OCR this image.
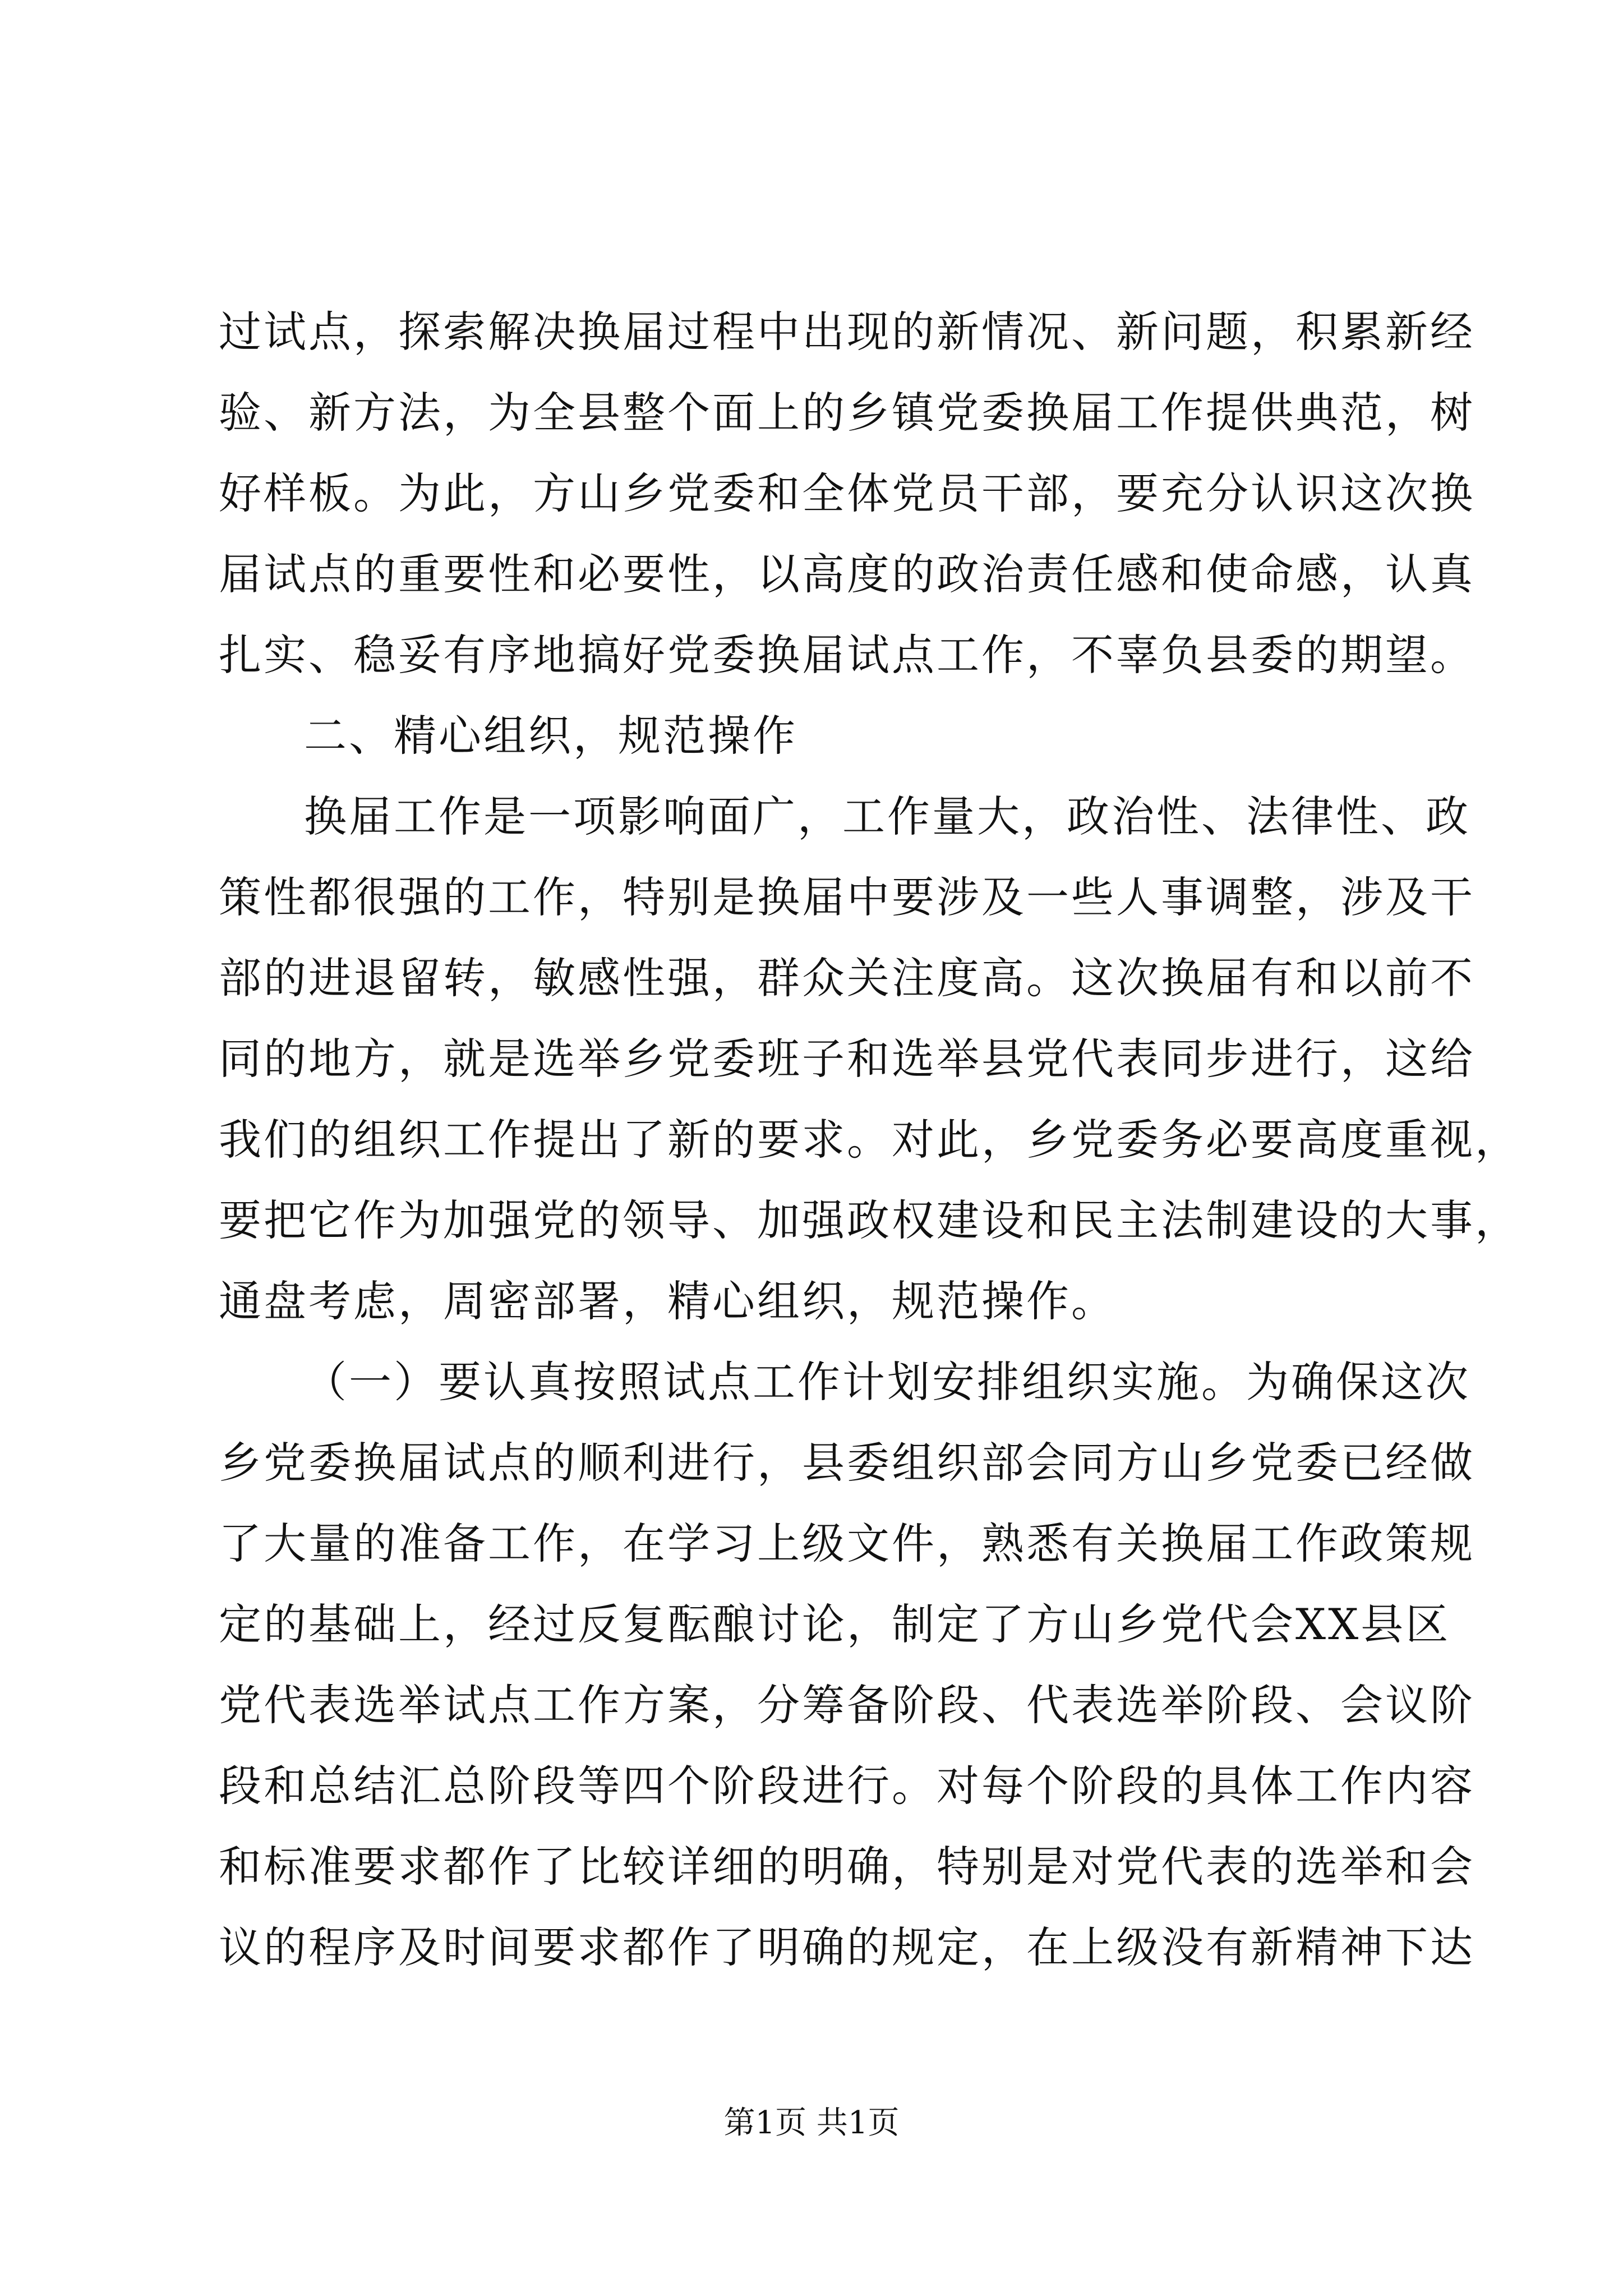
过试点，探索解决换届过程中出现的新情况、新问题，积累新经
验、新方法，为全县整个面上的乡镇党委换届工作提供典范，树
好样板。为此，方山乡党委和全体党员干部，要充分认识这次换
届试点的重要性和必要性，以高度的政治责任感和使命感，认真
扎实、稳妥有序地搞好党委换届试点工作，不辜负县委的期望。
二、精心组织，规范操作
换届工作是一项影响面广，工作量大，政治性、法律性、政
策性都很强的工作，特别是换届中要涉及一些人事调整，涉及干
部的进退留转，敏感性强，群众关注度高。这次换届有和以前不
同的地方，就是选举乡党委班子和选举县党代表同步进行，这给
我们的组织工作提出了新的要求。对此，乡党委务必要高度重视，
要把它作为加强党的领导、加强政权建设和民主法制建设的大事，
通盘考虑，周密部署，精心组织，规范操作。
（一）要认真按照试点工作计划安排组织实施。为确保这次
乡党委换届试点的顺利进行，县委组织部会同方山乡党委已经做
了大量的准备工作，在学习上级文件，熟悉有关换届工作政策规
定的基础上，经过反复酝酿讨论，制定了方山乡党代会XX县区
党代表选举试点工作方案，分筹备阶段、代表选举阶段、会议阶
段和总结汇总阶段等四个阶段进行。对每个阶段的具体工作内容
和标准要求都作了比较详细的明确，特别是对党代表的选举和会
议的程序及时间要求都作了明确的规定，在上级没有新精神下达
第1页 共1页
